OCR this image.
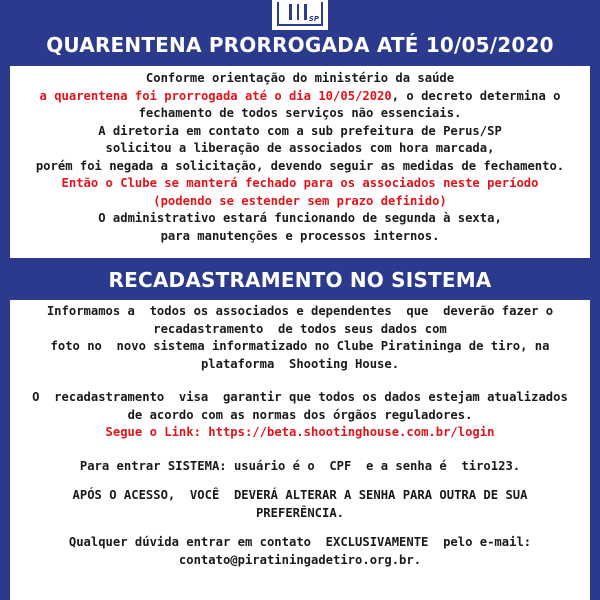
SP
QUARENTENA PRORROGADA ATÉ 10/05/2020
Conforme orientação do ministério da saúde
a quarentena foi prorrogada até o dia 10/05/2020, o decreto determina o
fechamento de todos serviços não essenciais.
A diretoria em contato com a sub prefeitura de Perus/SP
solicitou a liberação de associados com hora marcada,
porém foi negada a solicitação, devendo seguir as medidas de fechamento.
Então o Clube se manterá fechado para os associados neste período
(podendo se estender sem prazo definido)
O administrativo estará funcionando de segunda à sexta,
para manutenções e processos internos.
RECADASTRAMENTO NO SISTEMA
Informamos a  todos os associados e dependentes  que  deverão fazer o
recadastramento  de todos seus dados com
foto no  novo sistema informatizado no Clube Piratininga de tiro, na
plataforma  Shooting House.
O  recadastramento  visa  garantir que todos os dados estejam atualizados
de acordo com as normas dos órgãos reguladores.
Segue o Link: https://beta.shootinghouse.com.br/login
Para entrar SISTEMA: usuário é o  CPF  e a senha é  tiro123.
APÓS O ACESSO,  VOCÊ  DEVERÁ ALTERAR A SENHA PARA OUTRA DE SUA
PREFERÊNCIA.
Qualquer dúvida entrar em contato  EXCLUSIVAMENTE  pelo e-mail:
contato@piratiningadetiro.org.br.
